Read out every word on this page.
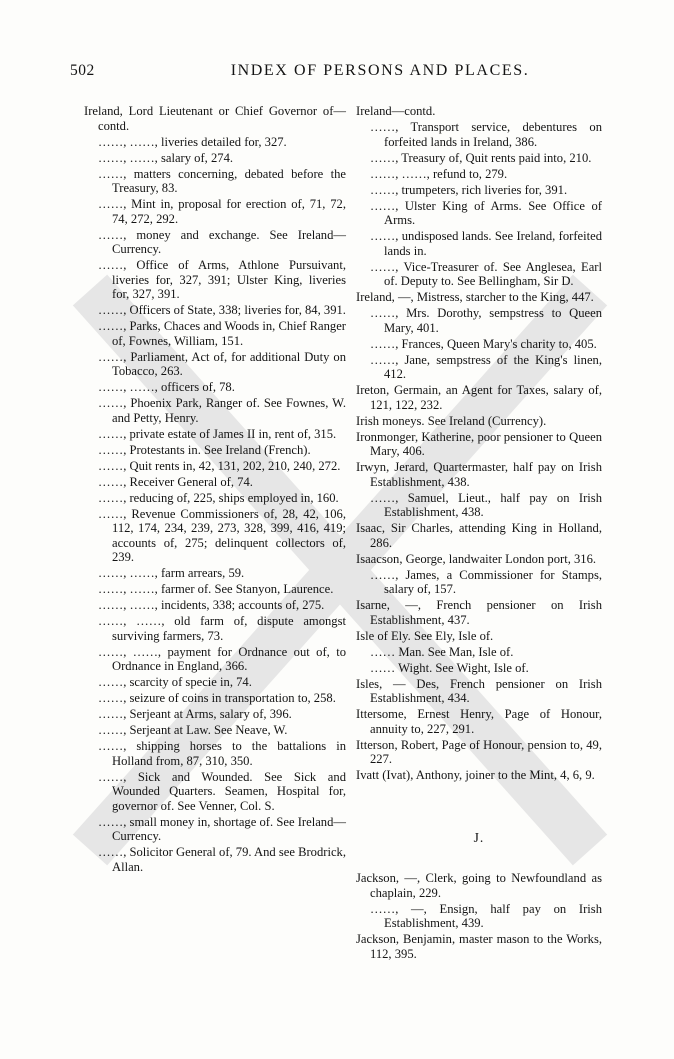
502	INDEX OF PERSONS AND PLACES.
Ireland, Lord Lieutenant or Chief Governor of—contd.
……, ……, liveries detailed for, 327.
……, ……, salary of, 274.
……, matters concerning, debated before the Treasury, 83.
……, Mint in, proposal for erection of, 71, 72, 74, 272, 292.
……, money and exchange. See Ireland—Currency.
……, Office of Arms, Athlone Pursuivant, liveries for, 327, 391; Ulster King, liveries for, 327, 391.
……, Officers of State, 338; liveries for, 84, 391.
……, Parks, Chaces and Woods in, Chief Ranger of, Fownes, William, 151.
……, Parliament, Act of, for additional Duty on Tobacco, 263.
……, ……, officers of, 78.
……, Phoenix Park, Ranger of. See Fownes, W. and Petty, Henry.
……, private estate of James II in, rent of, 315.
……, Protestants in. See Ireland (French).
……, Quit rents in, 42, 131, 202, 210, 240, 272.
……, Receiver General of, 74.
……, reducing of, 225, ships employed in, 160.
……, Revenue Commissioners of, 28, 42, 106, 112, 174, 234, 239, 273, 328, 399, 416, 419; accounts of, 275; delinquent collectors of, 239.
……, ……, farm arrears, 59.
……, ……, farmer of. See Stanyon, Laurence.
……, ……, incidents, 338; accounts of, 275.
……, ……, old farm of, dispute amongst surviving farmers, 73.
……, ……, payment for Ordnance out of, to Ordnance in England, 366.
……, scarcity of specie in, 74.
……, seizure of coins in transportation to, 258.
……, Serjeant at Arms, salary of, 396.
……, Serjeant at Law. See Neave, W.
……, shipping horses to the battalions in Holland from, 87, 310, 350.
……, Sick and Wounded. See Sick and Wounded Quarters. Seamen, Hospital for, governor of. See Venner, Col. S.
……, small money in, shortage of. See Ireland—Currency.
……, Solicitor General of, 79. And see Brodrick, Allan.
Ireland—contd.
……, Transport service, debentures on forfeited lands in Ireland, 386.
……, Treasury of, Quit rents paid into, 210.
……, ……, refund to, 279.
……, trumpeters, rich liveries for, 391.
……, Ulster King of Arms. See Office of Arms.
……, undisposed lands. See Ireland, forfeited lands in.
……, Vice-Treasurer of. See Anglesea, Earl of. Deputy to. See Bellingham, Sir D.
Ireland, —, Mistress, starcher to the King, 447.
……, Mrs. Dorothy, sempstress to Queen Mary, 401.
……, Frances, Queen Mary's charity to, 405.
……, Jane, sempstress of the King's linen, 412.
Ireton, Germain, an Agent for Taxes, salary of, 121, 122, 232.
Irish moneys. See Ireland (Currency).
Ironmonger, Katherine, poor pensioner to Queen Mary, 406.
Irwyn, Jerard, Quartermaster, half pay on Irish Establishment, 438.
……, Samuel, Lieut., half pay on Irish Establishment, 438.
Isaac, Sir Charles, attending King in Holland, 286.
Isaacson, George, landwaiter London port, 316.
……, James, a Commissioner for Stamps, salary of, 157.
Isarne, —, French pensioner on Irish Establishment, 437.
Isle of Ely. See Ely, Isle of.
…… Man. See Man, Isle of.
…… Wight. See Wight, Isle of.
Isles, — Des, French pensioner on Irish Establishment, 434.
Ittersome, Ernest Henry, Page of Honour, annuity to, 227, 291.
Itterson, Robert, Page of Honour, pension to, 49, 227.
Ivatt (Ivat), Anthony, joiner to the Mint, 4, 6, 9.
J.
Jackson, —, Clerk, going to Newfoundland as chaplain, 229.
……, —, Ensign, half pay on Irish Establishment, 439.
Jackson, Benjamin, master mason to the Works, 112, 395.
